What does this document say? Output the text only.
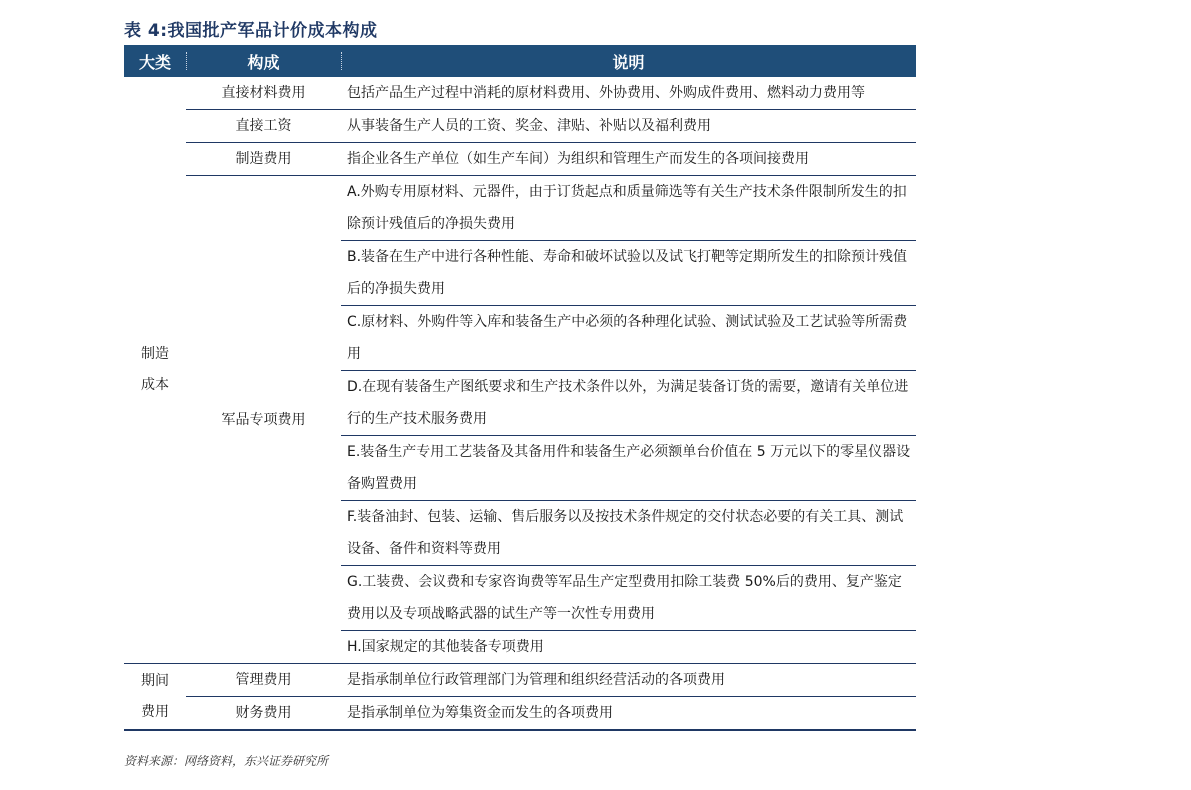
表 4:我国批产军品计价成本构成
大类	构成	说明
制造
成本	直接材料费用	包括产品生产过程中消耗的原材料费用、外协费用、外购成件费用、燃料动力费用等
	直接工资	从事装备生产人员的工资、奖金、津贴、补贴以及福利费用
	制造费用	指企业各生产单位（如生产车间）为组织和管理生产而发生的各项间接费用
	军品专项费用	A.外购专用原材料、元器件，由于订货起点和质量筛选等有关生产技术条件限制所发生的扣除预计残值后的净损失费用
		B.装备在生产中进行各种性能、寿命和破坏试验以及试飞打靶等定期所发生的扣除预计残值后的净损失费用
		C.原材料、外购件等入库和装备生产中必须的各种理化试验、测试试验及工艺试验等所需费用
		D.在现有装备生产图纸要求和生产技术条件以外，为满足装备订货的需要，邀请有关单位进行的生产技术服务费用
		E.装备生产专用工艺装备及其备用件和装备生产必须额单台价值在 5 万元以下的零星仪器设备购置费用
		F.装备油封、包装、运输、售后服务以及按技术条件规定的交付状态必要的有关工具、测试设备、备件和资料等费用
		G.工装费、会议费和专家咨询费等军品生产定型费用扣除工装费 50%后的费用、复产鉴定费用以及专项战略武器的试生产等一次性专用费用
		H.国家规定的其他装备专项费用
期间
费用	管理费用	是指承制单位行政管理部门为管理和组织经营活动的各项费用
	财务费用	是指承制单位为筹集资金而发生的各项费用
资料来源：网络资料，东兴证券研究所
